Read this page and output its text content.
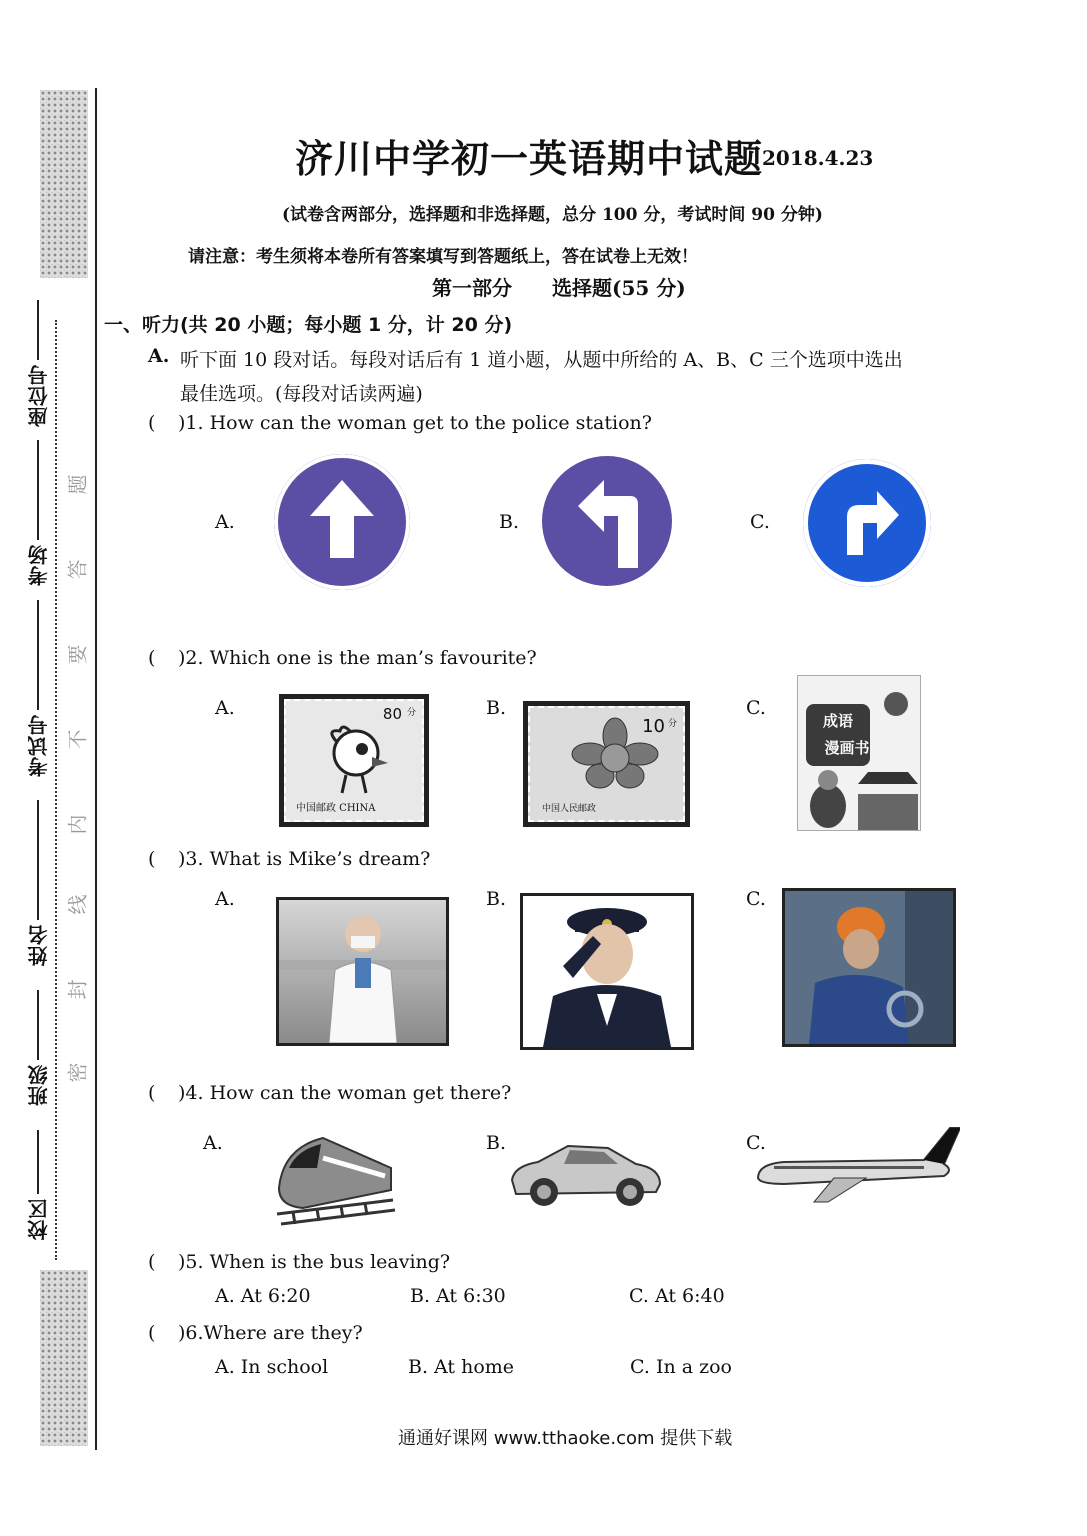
座位号
考场
考试号
姓名
班级
校区
题
答
要
不
内
线
封
密
济川中学初一英语期中试题
2018.4.23
(试卷含两部分，选择题和非选择题，总分 100 分，考试时间 90 分钟)
请注意：考生须将本卷所有答案填写到答题纸上，答在试卷上无效！
第一部分　　选择题(55 分)
一、听力(共 20 小题；每小题 1 分，计 20 分)
A. 听下面 10 段对话。每段对话后有 1 道小题，从题中所给的 A、B、C 三个选项中选出
最佳选项。(每段对话读两遍)
( )1. How can the woman get to the police station?
A.	B.	C.
( )2. Which one is the man’s favourite?
A.	B.	C.
80 分
中国邮政 CHINA
10 分
中国人民邮政
成语
漫画书
( )3. What is Mike’s dream?
A.	B.	C.
( )4. How can the woman get there?
A.	B.	C.
( )5. When is the bus leaving?
A. At 6:20	B. At 6:30	C. At 6:40
( )6.Where are they?
A. In school	B. At home	C. In a zoo
通通好课网 www.tthaoke.com 提供下载
